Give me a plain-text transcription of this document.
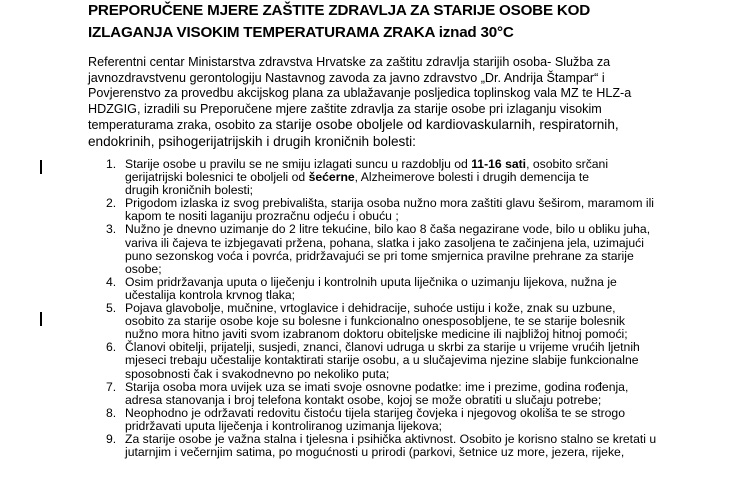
PREPORUČENE MJERE ZAŠTITE ZDRAVLJA ZA STARIJE OSOBE KOD
IZLAGANJA VISOKIM TEMPERATURAMA ZRAKA iznad 30°C
Referentni centar Ministarstva zdravstva Hrvatske za zaštitu zdravlja starijih osoba- Služba za
javnozdravstvenu gerontologiju Nastavnog zavoda za javno zdravstvo „Dr. Andrija Štampar“ i
Povjerenstvo za provedbu akcijskog plana za ublažavanje posljedica toplinskog vala MZ te HLZ-a
HDZGIG, izradili su Preporučene mjere zaštite zdravlja za starije osobe pri izlaganju visokim
temperaturama zraka, osobito za starije osobe oboljele od kardiovaskularnih, respiratornih,
endokrinih, psihogerijatrijskih i drugih kroničnih bolesti:
1. Starije osobe u pravilu se ne smiju izlagati suncu u razdoblju od 11-16 sati, osobito srčani
gerijatrijski bolesnici te oboljeli od šećerne, Alzheimerove bolesti i drugih demencija te
drugih kroničnih bolesti;
2. Prigodom izlaska iz svog prebivališta, starija osoba nužno mora zaštiti glavu šeširom, maramom ili
kapom te nositi laganiju prozračnu odjeću i obuću ;
3. Nužno je dnevno uzimanje do 2 litre tekućine, bilo kao 8 čaša negazirane vode, bilo u obliku juha,
variva ili čajeva te izbjegavati pržena, pohana, slatka i jako zasoljena te začinjena jela, uzimajući
puno sezonskog voća i povrća, pridržavajući se pri tome smjernica pravilne prehrane za starije
osobe;
4. Osim pridržavanja uputa o liječenju i kontrolnih uputa liječnika o uzimanju lijekova, nužna je
učestalija kontrola krvnog tlaka;
5. Pojava glavobolje, mučnine, vrtoglavice i dehidracije, suhoće ustiju i kože, znak su uzbune,
osobito za starije osobe koje su bolesne i funkcionalno onesposobljene, te se starije bolesnik
nužno mora hitno javiti svom izabranom doktoru obiteljske medicine ili najbližoj hitnoj pomoći;
6. Članovi obitelji, prijatelji, susjedi, znanci, članovi udruga u skrbi za starije u vrijeme vrućih ljetnih
mjeseci trebaju učestalije kontaktirati starije osobu, a u slučajevima njezine slabije funkcionalne
sposobnosti čak i svakodnevno po nekoliko puta;
7. Starija osoba mora uvijek uza se imati svoje osnovne podatke: ime i prezime, godina rođenja,
adresa stanovanja i broj telefona kontakt osobe, kojoj se može obratiti u slučaju potrebe;
8. Neophodno je održavati redovitu čistoću tijela starijeg čovjeka i njegovog okoliša te se strogo
pridržavati uputa liječenja i kontroliranog uzimanja lijekova;
9. Za starije osobe je važna stalna i tjelesna i psihička aktivnost. Osobito je korisno stalno se kretati u
jutarnjim i večernjim satima, po mogućnosti u prirodi (parkovi, šetnice uz more, jezera, rijeke,
